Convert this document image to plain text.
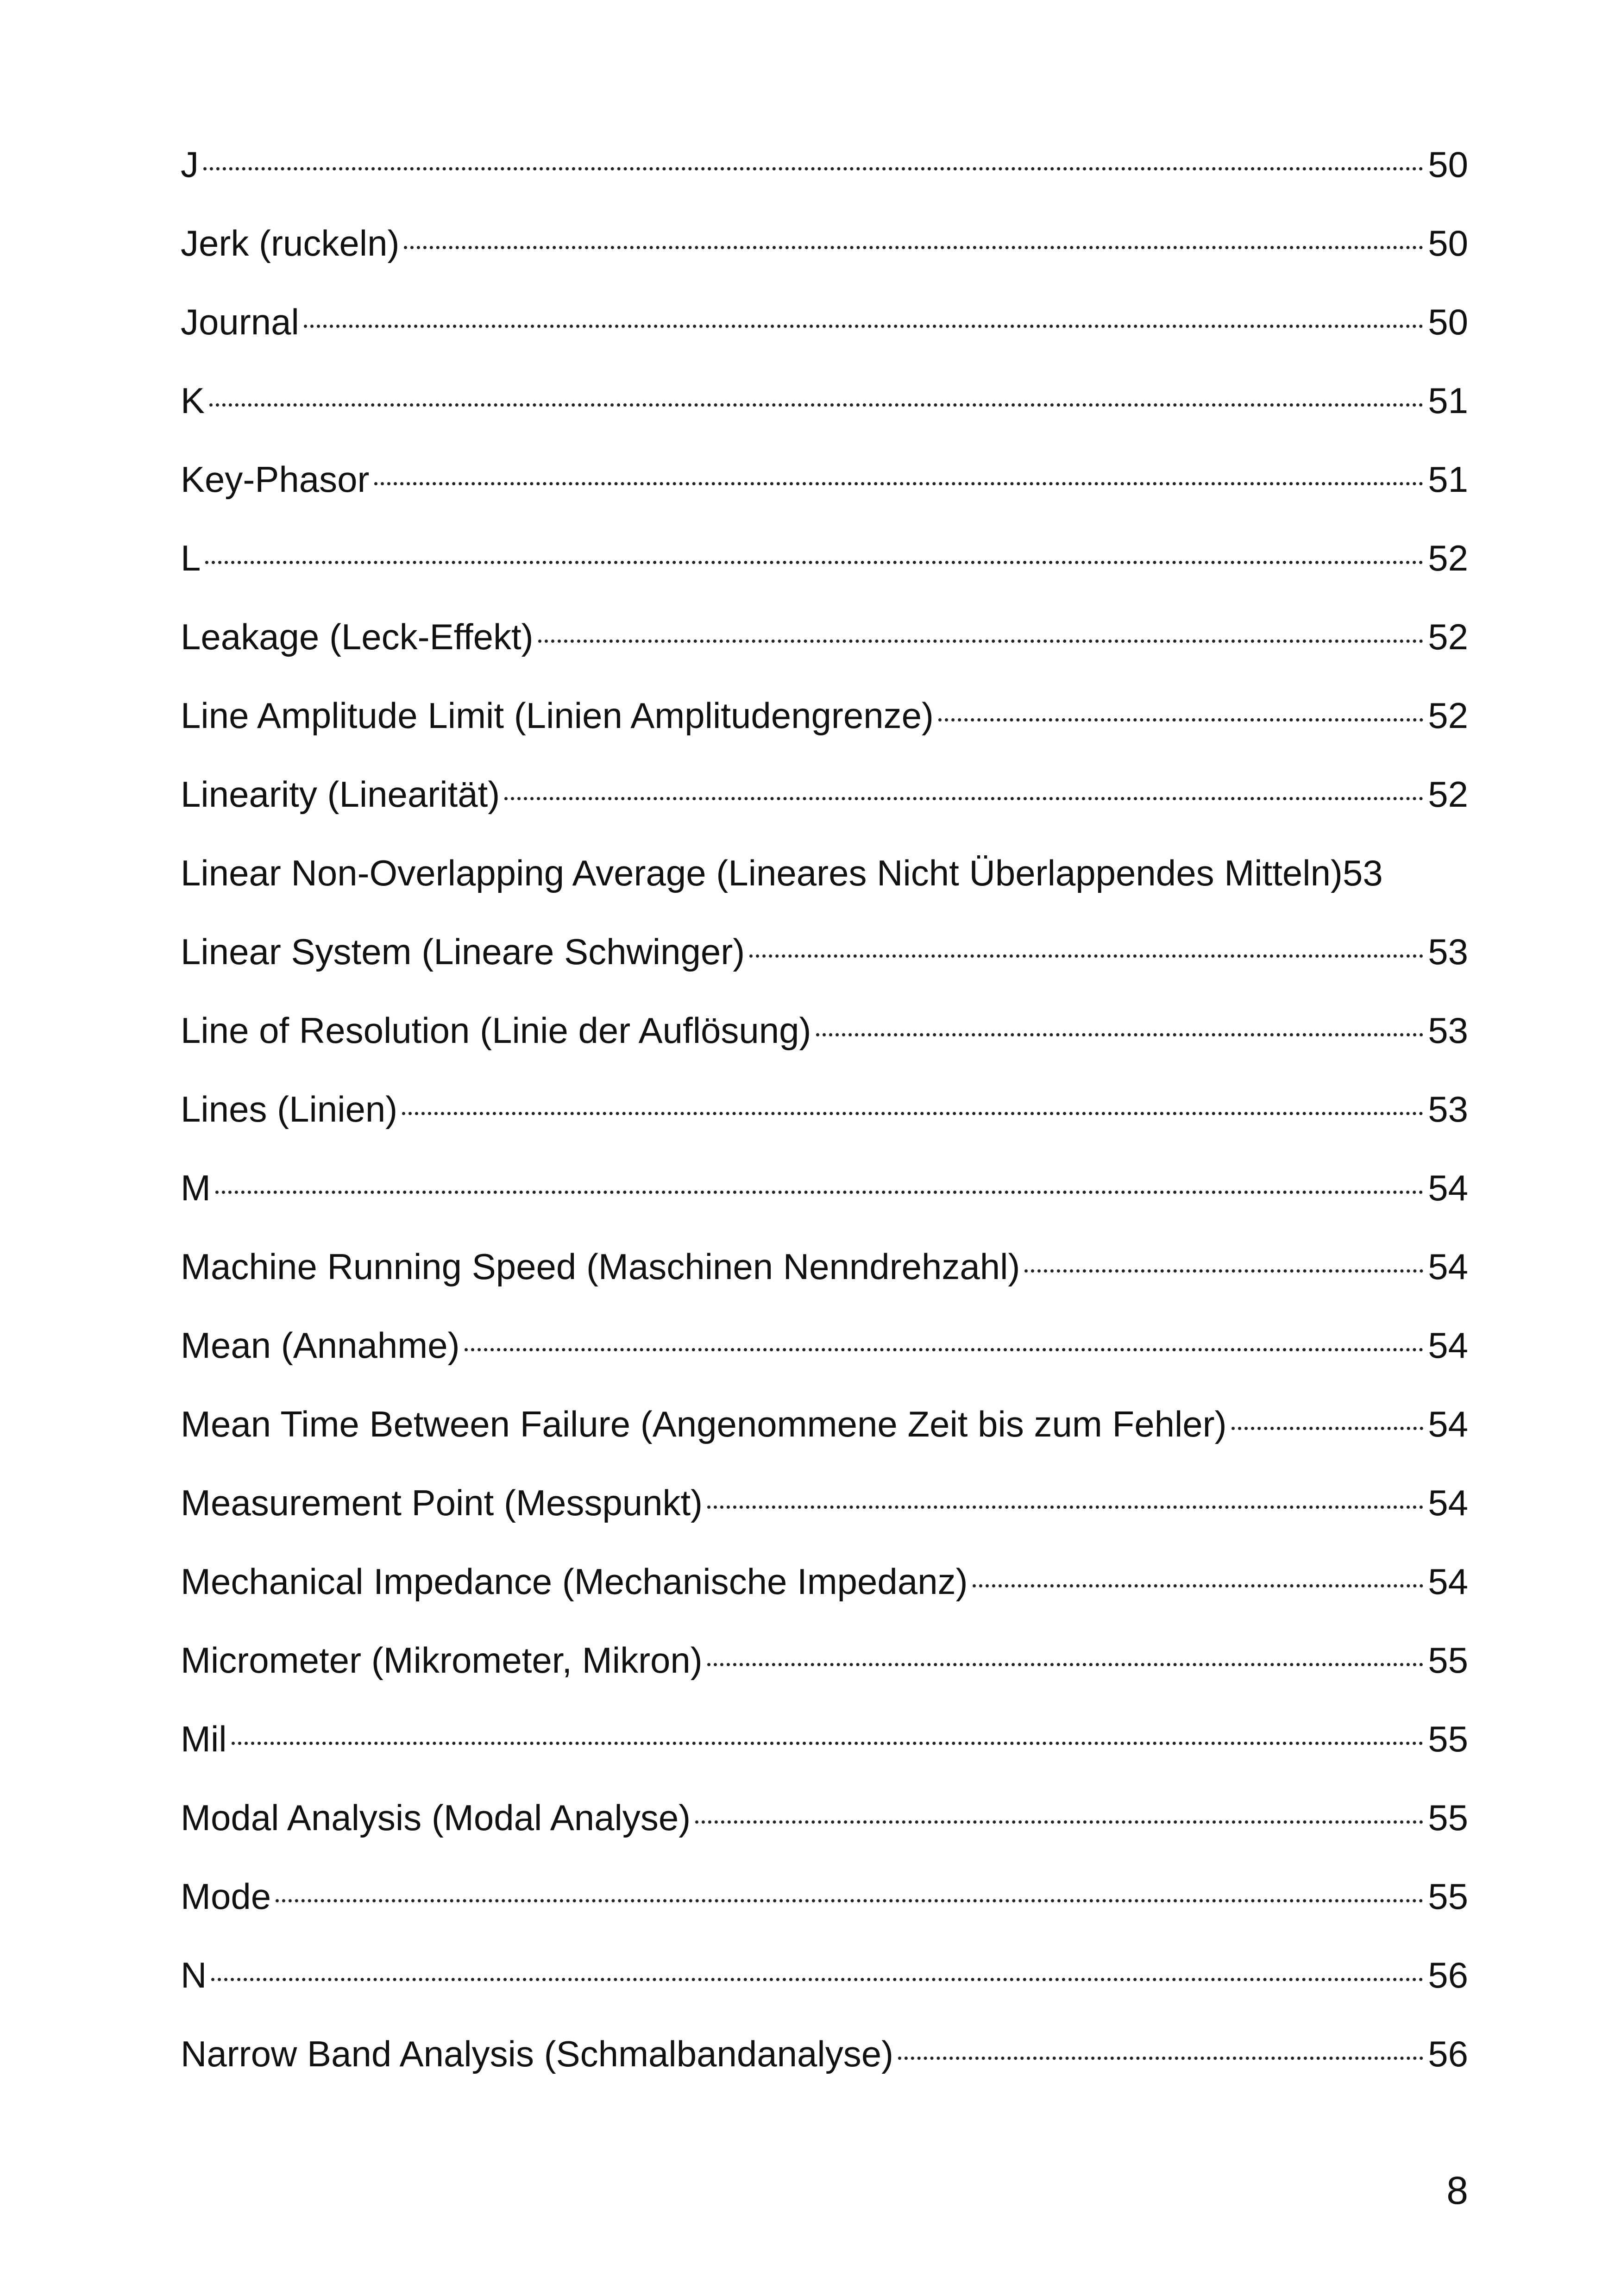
J	50
Jerk (ruckeln)	50
Journal	50
K	51
Key-Phasor	51
L	52
Leakage (Leck-Effekt)	52
Line Amplitude Limit (Linien Amplitudengrenze)	52
Linearity (Linearität)	52
Linear Non-Overlapping Average (Lineares Nicht Überlappendes Mitteln) 53
Linear System (Lineare Schwinger)	53
Line of Resolution (Linie der Auflösung)	53
Lines (Linien)	53
M	54
Machine Running Speed (Maschinen Nenndrehzahl)	54
Mean (Annahme)	54
Mean Time Between Failure (Angenommene Zeit bis zum Fehler)	54
Measurement Point (Messpunkt)	54
Mechanical Impedance (Mechanische Impedanz)	54
Micrometer (Mikrometer, Mikron)	55
Mil	55
Modal Analysis (Modal Analyse)	55
Mode	55
N	56
Narrow Band Analysis (Schmalbandanalyse)	56
8
